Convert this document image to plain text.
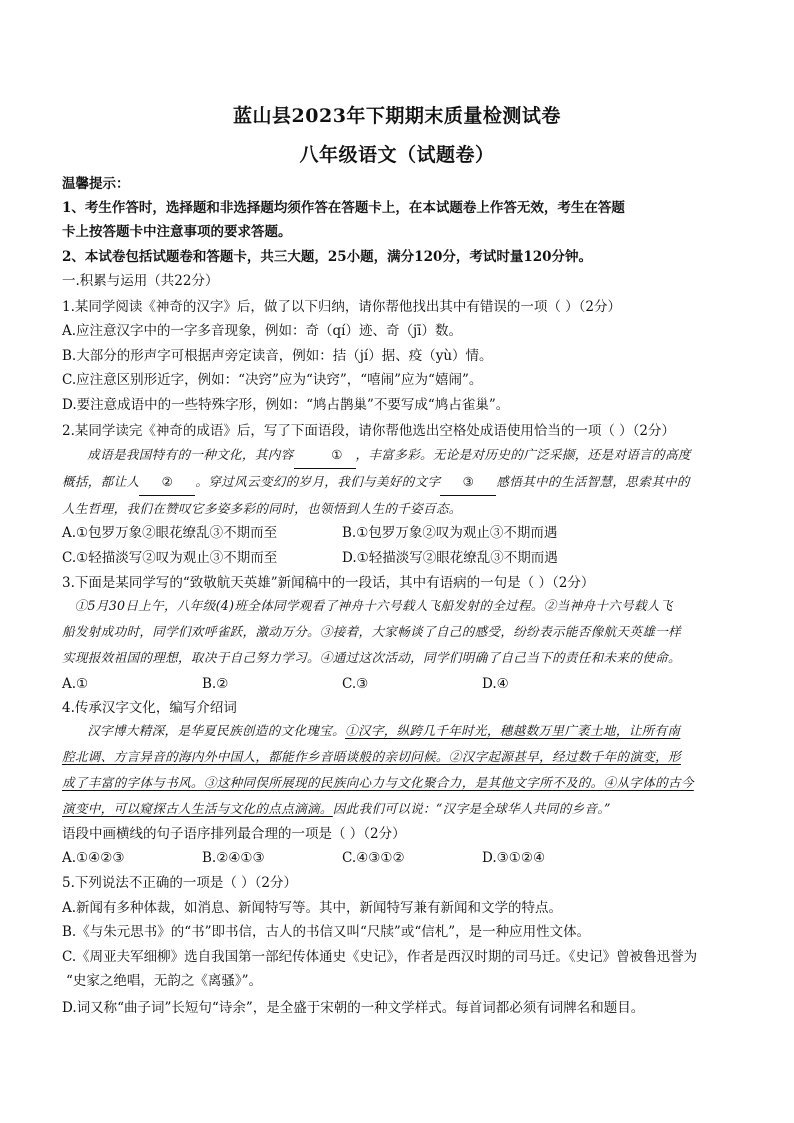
蓝山县2023年下期期末质量检测试卷
八年级语文（试题卷）
温馨提示：
1、考生作答时，选择题和非选择题均须作答在答题卡上，在本试题卷上作答无效，考生在答题
卡上按答题卡中注意事项的要求答题。
2、本试卷包括试题卷和答题卡，共三大题，25小题，满分120分，考试时量120分钟。
一.积累与运用（共22分）
1.某同学阅读《神奇的汉字》后，做了以下归纳，请你帮他找出其中有错误的一项（ ）（2分）
A.应注意汉字中的一字多音现象，例如：奇（qí）迹、奇（jī）数。
B.大部分的形声字可根据声旁定读音，例如：拮（jí）据、疫（yù）情。
C.应注意区别形近字，例如：“决窍”应为“诀窍”，“嘻闹”应为“嬉闹”。
D.要注意成语中的一些特殊字形，例如：“鸠占鹊巢”不要写成“鸠占雀巢”。
2.某同学读完《神奇的成语》后，写了下面语段，请你帮他选出空格处成语使用恰当的一项（ ）（2分）
成语是我国特有的一种文化，其内容	① ，丰富多彩。无论是对历史的广泛采撷，还是对语言的高度
概括，都让人 ② 。穿过风云变幻的岁月，我们与美好的文字 ③ 感悟其中的生活智慧，思索其中的
人生哲理，我们在赞叹它多姿多彩的同时，也领悟到人生的千姿百态。
A.①包罗万象②眼花缭乱③不期而至	B.①包罗万象②叹为观止③不期而遇
C.①轻描淡写②叹为观止③不期而至	D.①轻描淡写②眼花缭乱③不期而遇
3.下面是某同学写的“致敬航天英雄”新闻稿中的一段话，其中有语病的一句是（ ）（2分）
①5月30日上午，八年级(4)班全体同学观看了神舟十六号载人飞船发射的全过程。②当神舟十六号载人飞
船发射成功时，同学们欢呼雀跃，激动万分。③接着，大家畅谈了自己的感受，纷纷表示能否像航天英雄一样
实现报效祖国的理想，取决于自己努力学习。④通过这次活动，同学们明确了自己当下的责任和未来的使命。
A.①	B.②	C.③	D.④
4.传承汉字文化，编写介绍词
汉字博大精深，是华夏民族创造的文化瑰宝。①汉字，纵跨几千年时光，穗越数万里广袤土地，让所有南
腔北调、方言异音的海内外中国人，都能作乡音晤谈般的亲切问候。②汉字起源甚早，经过数千年的演变，形
成了丰富的字体与书风。③这种同俣所展现的民族向心力与文化聚合力，是其他文字所不及的。④从字体的古今
演变中，可以窥探古人生活与文化的点点滴滴。因此我们可以说：“汉字是全球华人共同的乡音。”
语段中画横线的句子语序排列最合理的一项是（ ）（2分）
A.①④②③	B.②④①③	C.④③①②	D.③①②④
5.下列说法不正确的一项是（ ）（2分）
A.新闻有多种体裁，如消息、新闻特写等。其中，新闻特写兼有新闻和文学的特点。
B.《与朱元思书》的“书”即书信，古人的书信又叫“尺牍”或“信札”，是一种应用性文体。
C.《周亚夫军细柳》选自我国第一部纪传体通史《史记》，作者是西汉时期的司马迁。《史记》曾被鲁迅誉为
“史家之绝唱，无韵之《离骚》”。
D.词又称“曲子词”长短句“诗余”，是全盛于宋朝的一种文学样式。每首词都必须有词牌名和题目。
